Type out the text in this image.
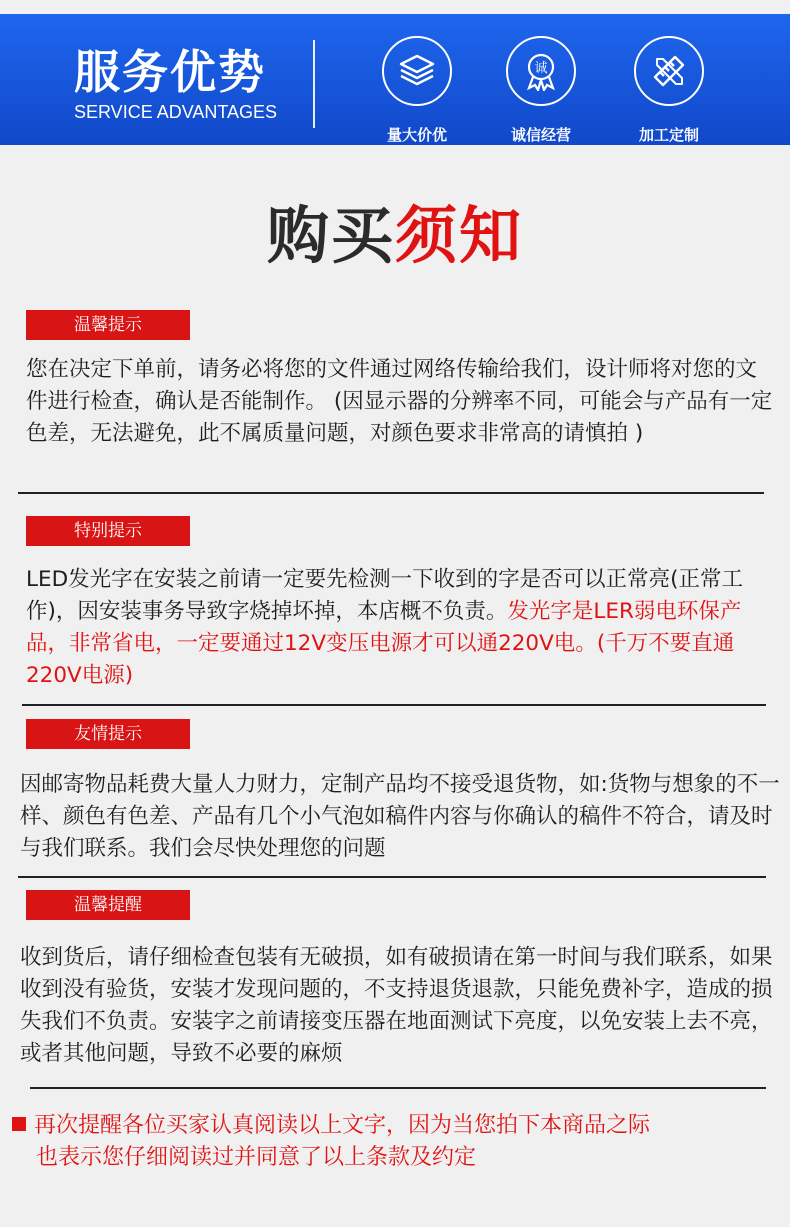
服务优势
SERVICE ADVANTAGES
量大价优
诚
诚信经营	加工定制
购买须知
温馨提示
您在决定下单前，请务必将您的文件通过网络传输给我们，设计师将对您的文件进行检查，确认是否能制作。 (因显示器的分辨率不同，可能会与产品有一定色差，无法避免，此不属质量问题，对颜色要求非常高的请慎拍 )
特别提示
LED发光字在安装之前请一定要先检测一下收到的字是否可以正常亮(正常工作)，因安装事务导致字烧掉坏掉，本店概不负责。发光字是LER弱电环保产品，非常省电，一定要通过12V变压电源才可以通220V电。(千万不要直通220V电源)
友情提示
因邮寄物品耗费大量人力财力，定制产品均不接受退货物，如:货物与想象的不一样、颜色有色差、产品有几个小气泡如稿件内容与你确认的稿件不符合，请及时与我们联系。我们会尽快处理您的问题
温馨提醒
收到货后，请仔细检查包装有无破损，如有破损请在第一时间与我们联系，如果收到没有验货，安装才发现问题的，不支持退货退款，只能免费补字，造成的损失我们不负责。安装字之前请接变压器在地面测试下亮度，以免安装上去不亮，或者其他问题，导致不必要的麻烦
再次提醒各位买家认真阅读以上文字，因为当您拍下本商品之际
也表示您仔细阅读过并同意了以上条款及约定
